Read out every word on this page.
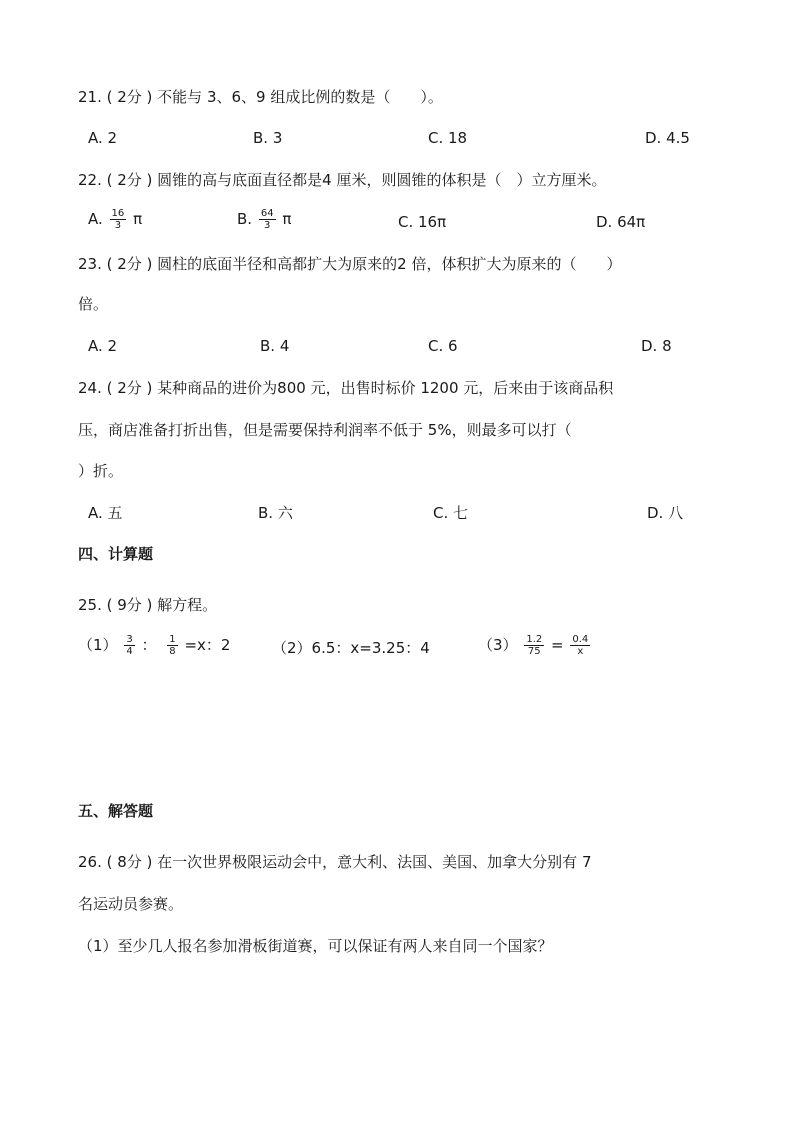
21. ( 2分 ) 不能与 3、6、9 组成比例的数是（　　）。
A. 2	B. 3	C. 18	D. 4.5
22. ( 2分 ) 圆锥的高与底面直径都是4 厘米，则圆锥的体积是（　）立方厘米。
A. $\frac{16}{3}$ π	B. $\frac{64}{3}$ π	C. 16π	D. 64π
23. ( 2分 ) 圆柱的底面半径和高都扩大为原来的2 倍，体积扩大为原来的（　　）
倍。
A. 2	B. 4	C. 6	D. 8
24. ( 2分 ) 某种商品的进价为800 元，出售时标价 1200 元，后来由于该商品积
压，商店准备打折出售，但是需要保持利润率不低于 5%，则最多可以打（
）折。
A. 五	B. 六	C. 七	D. 八
四、计算题
25. ( 9分 ) 解方程。
$(1) \frac{3}{4}$ ： $\frac{1}{8} =x$：2	（2）6.5：x=3.25：4	$(3) \frac{1.2}{75} = \frac{0.4}{x}$
五、解答题
26. ( 8分 ) 在一次世界极限运动会中，意大利、法国、美国、加拿大分别有 7
名运动员参赛。
（1）至少几人报名参加滑板街道赛，可以保证有两人来自同一个国家？
